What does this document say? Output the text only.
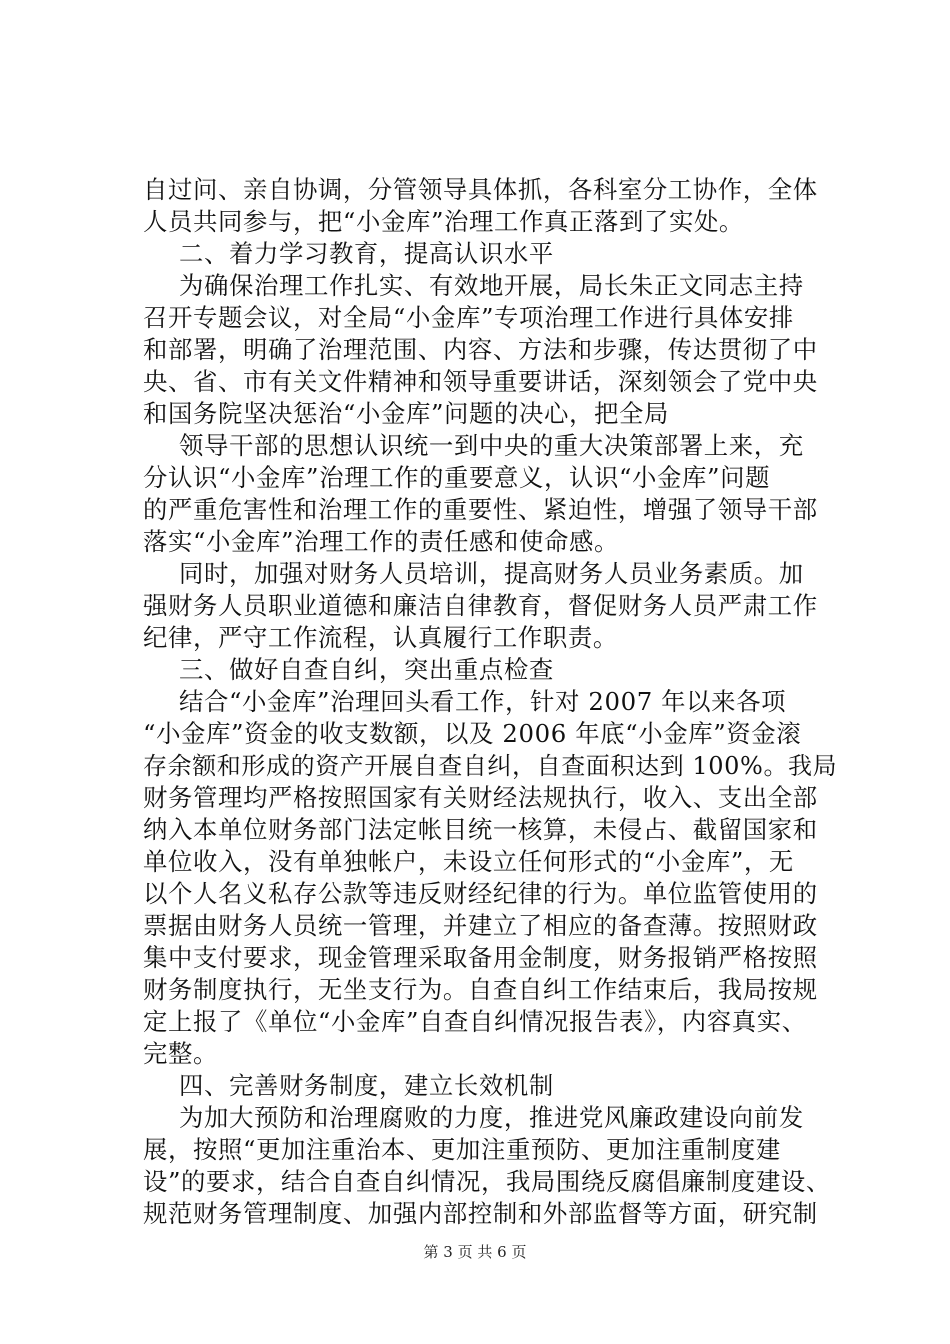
自过问、亲自协调，分管领导具体抓，各科室分工协作，全体
人员共同参与，把“小金库”治理工作真正落到了实处。
二、着力学习教育，提高认识水平
为确保治理工作扎实、有效地开展，局长朱正文同志主持
召开专题会议，对全局“小金库”专项治理工作进行具体安排
和部署，明确了治理范围、内容、方法和步骤，传达贯彻了中
央、省、市有关文件精神和领导重要讲话，深刻领会了党中央
和国务院坚决惩治“小金库”问题的决心，把全局
领导干部的思想认识统一到中央的重大决策部署上来，充
分认识“小金库”治理工作的重要意义，认识“小金库”问题
的严重危害性和治理工作的重要性、紧迫性，增强了领导干部
落实“小金库”治理工作的责任感和使命感。
同时，加强对财务人员培训，提高财务人员业务素质。加
强财务人员职业道德和廉洁自律教育，督促财务人员严肃工作
纪律，严守工作流程，认真履行工作职责。
三、做好自查自纠，突出重点检查
结合“小金库”治理回头看工作，针对 2007 年以来各项
“小金库”资金的收支数额，以及 2006 年底“小金库”资金滚
存余额和形成的资产开展自查自纠，自查面积达到 100%。我局
财务管理均严格按照国家有关财经法规执行，收入、支出全部
纳入本单位财务部门法定帐目统一核算，未侵占、截留国家和
单位收入，没有单独帐户，未设立任何形式的“小金库”，无
以个人名义私存公款等违反财经纪律的行为。单位监管使用的
票据由财务人员统一管理，并建立了相应的备查薄。按照财政
集中支付要求，现金管理采取备用金制度，财务报销严格按照
财务制度执行，无坐支行为。自查自纠工作结束后，我局按规
定上报了《单位“小金库”自查自纠情况报告表》，内容真实、
完整。
四、完善财务制度，建立长效机制
为加大预防和治理腐败的力度，推进党风廉政建设向前发
展，按照“更加注重治本、更加注重预防、更加注重制度建
设”的要求，结合自查自纠情况，我局围绕反腐倡廉制度建设、
规范财务管理制度、加强内部控制和外部监督等方面，研究制
第 3 页 共 6 页
